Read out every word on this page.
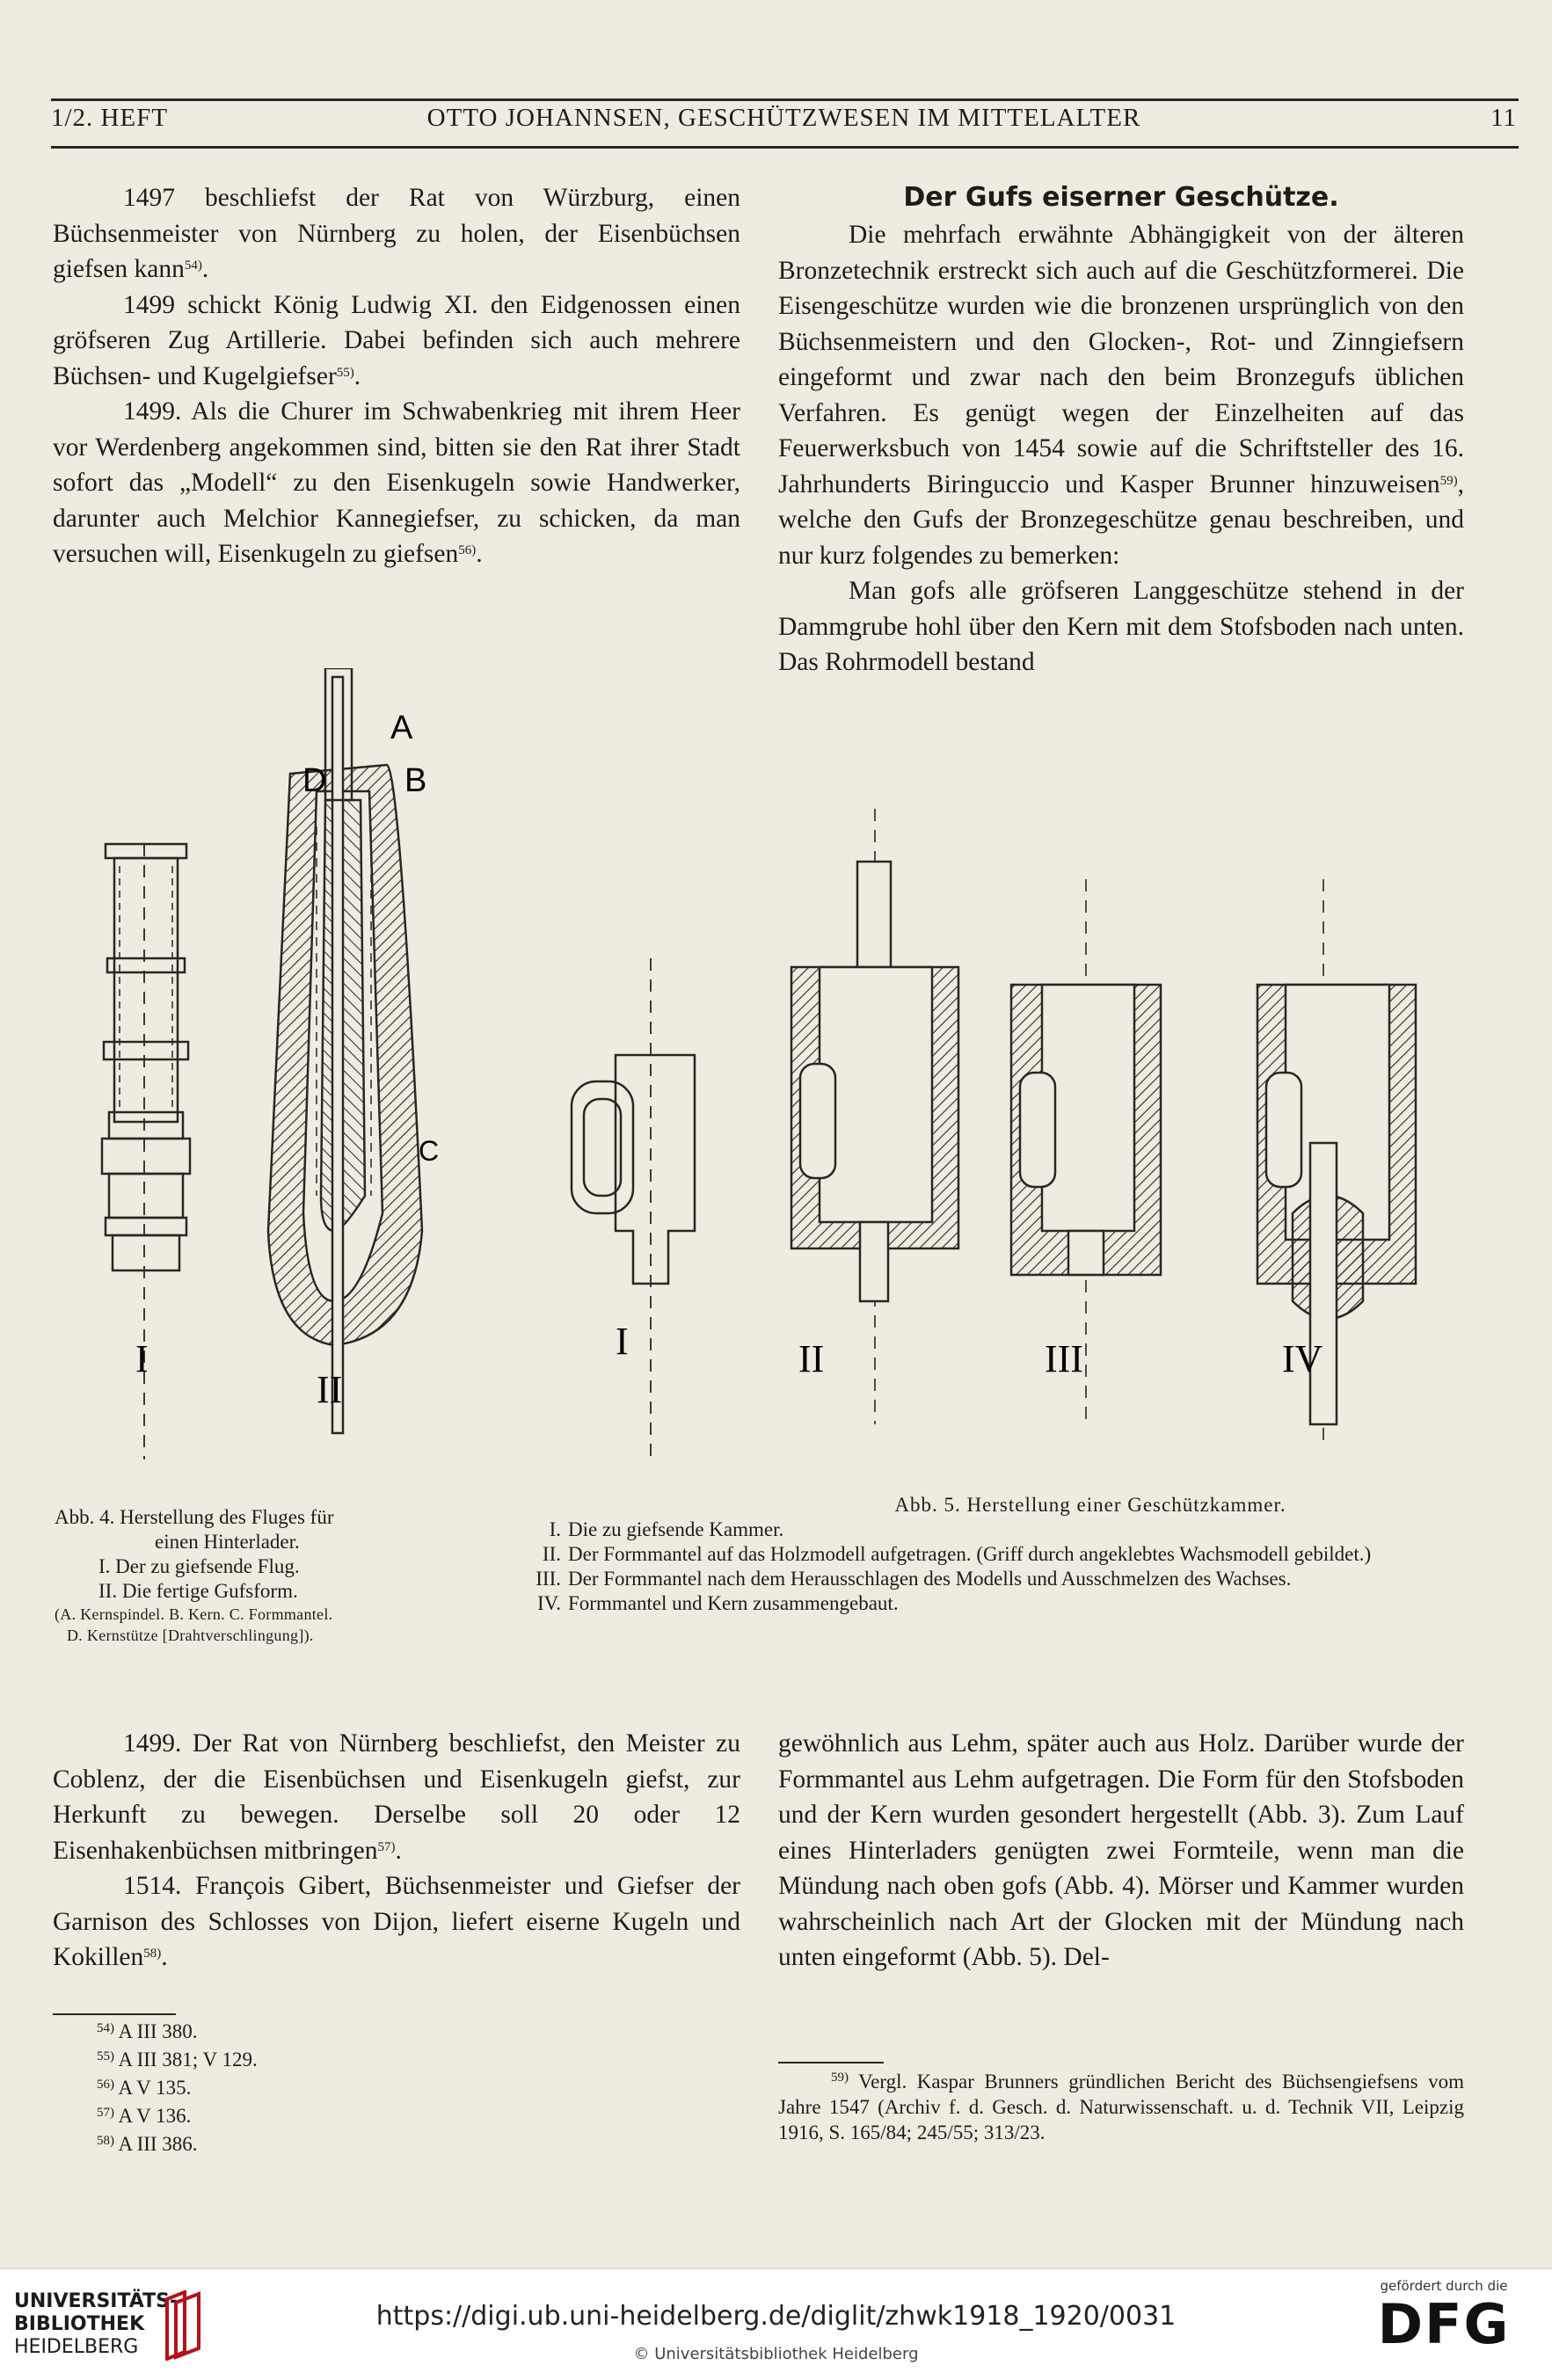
1/2. HEFT	OTTO JOHANNSEN, GESCHÜTZWESEN IM MITTELALTER	11

1497 beschliefst der Rat von Würzburg, einen Büchsenmeister von Nürnberg zu holen, der Eisenbüchsen giefsen kann$^{54)}$.

1499 schickt König Ludwig XI. den Eidgenossen einen gröfseren Zug Artillerie. Dabei befinden sich auch mehrere Büchsen- und Kugelgiefser$^{55)}$.

1499. Als die Churer im Schwabenkrieg mit ihrem Heer vor Werdenberg angekommen sind, bitten sie den Rat ihrer Stadt sofort das „Modell“ zu den Eisenkugeln sowie Handwerker, darunter auch Melchior Kannegiefser, zu schicken, da man versuchen will, Eisenkugeln zu giefsen$^{56)}$.

Der Gufs eiserner Geschütze.

Die mehrfach erwähnte Abhängigkeit von der älteren Bronzetechnik erstreckt sich auch auf die Geschützformerei. Die Eisengeschütze wurden wie die bronzenen ursprünglich von den Büchsenmeistern und den Glocken-, Rot- und Zinngiefsern eingeformt und zwar nach den beim Bronzegufs üblichen Verfahren. Es genügt wegen der Einzelheiten auf das Feuerwerksbuch von 1454 sowie auf die Schriftsteller des 16. Jahrhunderts Biringuccio und Kasper Brunner hinzuweisen$^{59)}$, welche den Gufs der Bronzegeschütze genau beschreiben, und nur kurz folgendes zu bemerken:

Man gofs alle gröfseren Langgeschütze stehend in der Dammgrube hohl über den Kern mit dem Stofsboden nach unten. Das Rohrmodell bestand

I
A
B
D
C
II
I	II	III	IV
Abb. 4. Herstellung des Fluges für
einen Hinterlader.
I. Der zu giefsende Flug.
II. Die fertige Gufsform.
(A. Kernspindel. B. Kern. C. Formmantel.
D. Kernstütze [Drahtverschlingung]).
Abb. 5. Herstellung einer Geschützkammer.
I. Die zu giefsende Kammer.
II. Der Formmantel auf das Holzmodell aufgetragen. (Griff durch angeklebtes Wachsmodell gebildet.)
III. Der Formmantel nach dem Herausschlagen des Modells und Ausschmelzen des Wachses.
IV. Formmantel und Kern zusammengebaut.

1499. Der Rat von Nürnberg beschliefst, den Meister zu Coblenz, der die Eisenbüchsen und Eisenkugeln giefst, zur Herkunft zu bewegen. Derselbe soll 20 oder 12 Eisenhakenbüchsen mitbringen$^{57)}$.

1514. François Gibert, Büchsenmeister und Giefser der Garnison des Schlosses von Dijon, liefert eiserne Kugeln und Kokillen$^{58)}$.

gewöhnlich aus Lehm, später auch aus Holz. Darüber wurde der Formmantel aus Lehm aufgetragen. Die Form für den Stofsboden und der Kern wurden gesondert hergestellt (Abb. 3). Zum Lauf eines Hinterladers genügten zwei Formteile, wenn man die Mündung nach oben gofs (Abb. 4). Mörser und Kammer wurden wahrscheinlich nach Art der Glocken mit der Mündung nach unten eingeformt (Abb. 5). Del-

$^{54)}$ A III 380.
$^{55)}$ A III 381; V 129.
$^{56)}$ A V 135.
$^{57)}$ A V 136.
$^{58)}$ A III 386.

$^{59)}$ Vergl. Kaspar Brunners gründlichen Bericht des Büchsengiefsens vom Jahre 1547 (Archiv f. d. Gesch. d. Naturwissenschaft. u. d. Technik VII, Leipzig 1916, S. 165/84; 245/55; 313/23.

UNIVERSITÄTS-
BIBLIOTHEK
HEIDELBERG
https://digi.ub.uni-heidelberg.de/diglit/zhwk1918_1920/0031
© Universitätsbibliothek Heidelberg
gefördert durch die
DFG
